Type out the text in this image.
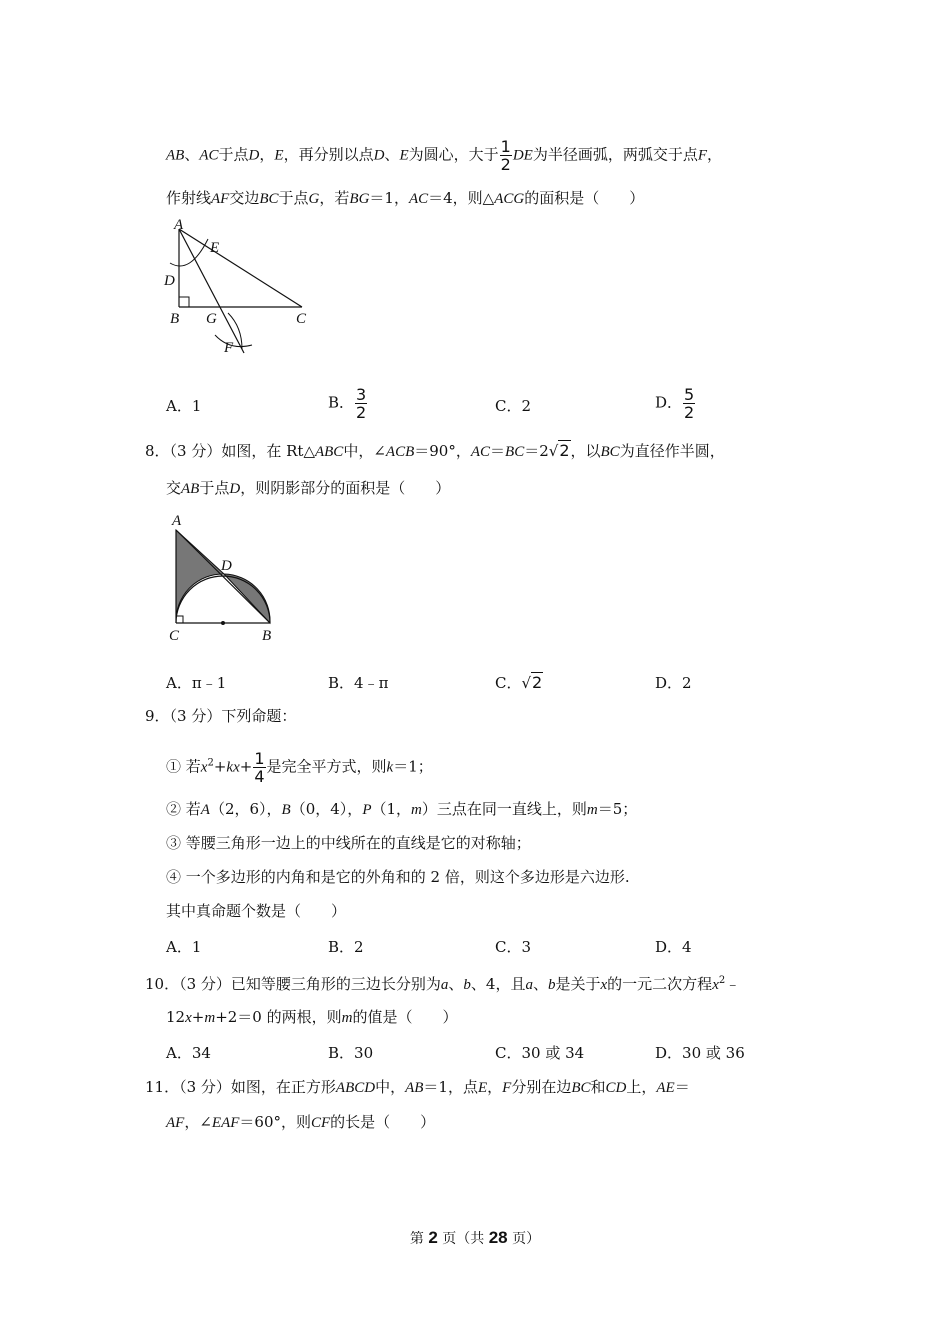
AB、AC于点D，E，再分别以点D、E为圆心，大于 $\frac{1}{2}$ DE为半径画弧，两弧交于点F，
作射线AF交边BC于点G，若BG＝1，AC＝4，则△ACG的面积是（　　）
A
E
D
B G	C
F
A．1	B． $\frac{3}{2}$	C．2	D． $\frac{5}{2}$
8．（3 分）如图，在 Rt△ABC中，∠ACB＝90°，AC＝BC＝2√2，以BC为直径作半圆，
交AB于点D，则阴影部分的面积是（　　）
A
D
C	B
A．π﹣1	B．4﹣π	C．√2	D．2
9．（3 分）下列命题：
① 若$x^2+kx+ \frac{1}{4}$ 是完全平方式，则k＝1；
② 若A（2，6），B（0，4），P（1，m）三点在同一直线上，则m＝5；
③ 等腰三角形一边上的中线所在的直线是它的对称轴；
④ 一个多边形的内角和是它的外角和的 2 倍，则这个多边形是六边形.
其中真命题个数是（　　）
A．1	B．2	C．3	D．4
10．（3 分）已知等腰三角形的三边长分别为a、b、4，且a、b是关于x的一元二次方程$x^2﹣$
12x+m+2＝0 的两根，则m的值是（　　）
A．34	B．30	C．30 或 34	D．30 或 36
11．（3 分）如图，在正方形ABCD中，AB＝1，点E，F分别在边BC和CD上，AE＝
AF，∠EAF＝60°，则CF的长是（　　）
第 2 页（共 28 页）
